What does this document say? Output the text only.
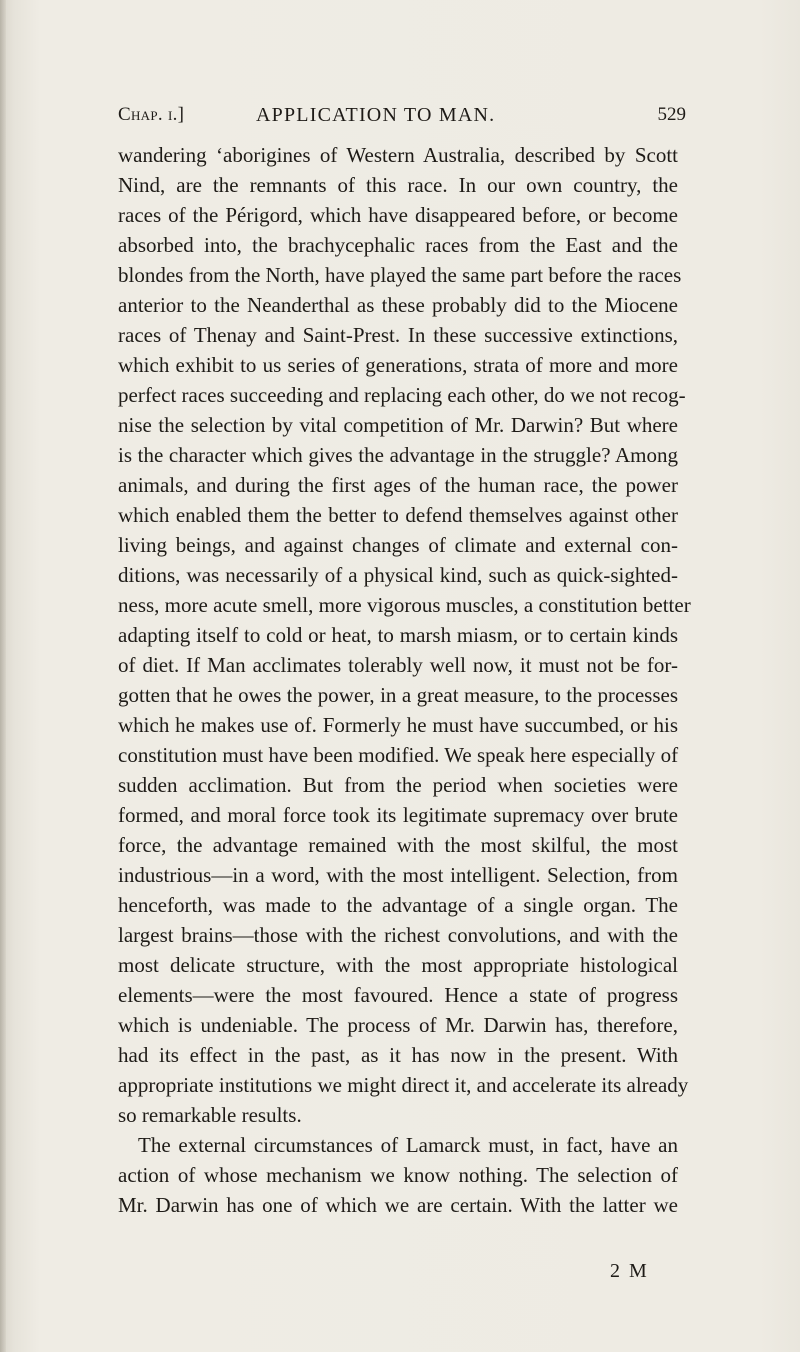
Chap. i.]	APPLICATION TO MAN.	529
wandering ‘aborigines of Western Australia, described by Scott
Nind, are the remnants of this race. In our own country, the
races of the Périgord, which have disappeared before, or become
absorbed into, the brachycephalic races from the East and the
blondes from the North, have played the same part before the races
anterior to the Neanderthal as these probably did to the Miocene
races of Thenay and Saint-Prest. In these successive extinctions,
which exhibit to us series of generations, strata of more and more
perfect races succeeding and replacing each other, do we not recog-
nise the selection by vital competition of Mr. Darwin? But where
is the character which gives the advantage in the struggle? Among
animals, and during the first ages of the human race, the power
which enabled them the better to defend themselves against other
living beings, and against changes of climate and external con-
ditions, was necessarily of a physical kind, such as quick-sighted-
ness, more acute smell, more vigorous muscles, a constitution better
adapting itself to cold or heat, to marsh miasm, or to certain kinds
of diet. If Man acclimates tolerably well now, it must not be for-
gotten that he owes the power, in a great measure, to the processes
which he makes use of. Formerly he must have succumbed, or his
constitution must have been modified. We speak here especially of
sudden acclimation. But from the period when societies were
formed, and moral force took its legitimate supremacy over brute
force, the advantage remained with the most skilful, the most
industrious—in a word, with the most intelligent. Selection, from
henceforth, was made to the advantage of a single organ. The
largest brains—those with the richest convolutions, and with the
most delicate structure, with the most appropriate histological
elements—were the most favoured. Hence a state of progress
which is undeniable. The process of Mr. Darwin has, therefore,
had its effect in the past, as it has now in the present. With
appropriate institutions we might direct it, and accelerate its already
so remarkable results.
The external circumstances of Lamarck must, in fact, have an
action of whose mechanism we know nothing. The selection of
Mr. Darwin has one of which we are certain. With the latter we
2 M
